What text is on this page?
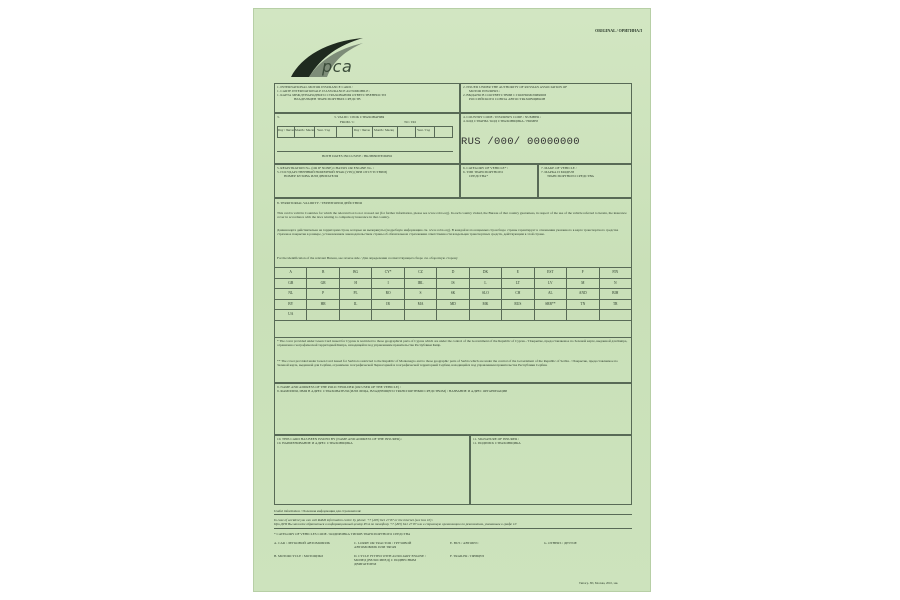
ORIGINAL / ОРИГИНАЛ
рса
1. INTERNATIONAL MOTOR INSURANCE CARD /
1. CARTE INTERNATIONALE D'ASSURANCE AUTOMOBILE /
1. КАРТА МЕЖДУНАРОДНОГО СТРАХОВАНИЯ ОТВЕТСТВЕННОСТИ
ВЛАДЕЛЬЦЕВ ТРАНСПОРТНЫХ СРЕДСТВ
2. ISSUED UNDER THE AUTHORITY OF RUSSIAN ASSOCIATION OF
MOTOR INSURERS /
2. ВЫДАНО В СООТВЕТСТВИИ С ПОЛНОМОЧИЯМИ
РОССИЙСКОГО СОЮЗА АВТОСТРАХОВЩИКОВ
3.	3. VALID / СРОК СТРАХОВАНИЯ
FROM / С	TO / ПО
Day / Число Month / Месяц Year / Год	Day / Число Month / Месяц	Year / Год
BOTH DATES INCLUSIVE / ВКЛЮЧИТЕЛЬНО
4. COUNTRY CODE / INSURER'S CODE / NUMBER /
4. КОД СТРАНЫ / КОД СТРАХОВЩИКА / НОМЕР
RUS /000/ 00000000
5. REGISTRATION No. (OR IF NONE) CHASSIS OR ENGINE No. /
5. ГОСУДАРСТВЕННЫЙ НОМЕРНОЙ ЗНАК (VIN) (ПРИ ОТСУТСТВИИ)
НОМЕР КУЗОВА ИЛИ ДВИГАТЕЛЯ
6. CATEGORY OF VEHICLE* /
6. ТИП ТРАНСПОРТНОГО
СРЕДСТВА*
7. MAKE OF VEHICLE /
7. МАРКА И МОДЕЛЬ
ТРАНСПОРТНОГО СРЕДСТВА
8. TERRITORIAL VALIDITY / ТЕРРИТОРИЯ ДЕЙСТВИЯ
This card is valid in Countries for which the relevant box is not crossed out (for further information, please see www.cobx.org). In each country visited, the Bureau of that country guarantees, in respect of the use of the vehicle referred to herein, the insurance cover in accordance with the laws relating to compulsory insurance in that country.
Данная карта действительна на территории стран, которые не вычеркнуты (подробную информацию см. www.cobx.org). В каждой из посещаемых стран бюро страны гарантирует в отношении указанного в карте транспортного средства страховое покрытие в размере, установленном законодательством страны об обязательном страховании ответственности владельцев транспортных средств, действующим в этой стране.
For the identification of the relevant Bureau, see reverse side / Для определения соответствующего бюро см. оборотную сторону
A	B	BG	CY*	CZ	D	DK	E	EST	F	FIN
GB	GR	H	I	IRL	IS	L	LT	LV	M	N
NL	P	PL	RO	S	SK	SLO	CH	AL	AND	BIH
BY	HR	IL	IR	MA	MD	MK	RUS	SRB**	TN	TR
UA										
* The cover provided under Green Card issued for Cyprus is restricted to those geographical parts of Cyprus which are under the control of the Government of the Republic of Cyprus. / Покрытие, предоставляемое по Зеленой карте, выданной для Кипра, ограничено географической территорией Кипра, находящейся под управлением правительства Республики Кипр.
** The cover provided under Green Card issued for Serbia is restricted to the Republic of Montenegro and to those geographic parts of Serbia which are under the control of the Government of the Republic of Serbia. / Покрытие, предоставляемое по Зеленой карте, выданной для Сербии, ограничено географической Черногорией и географической территорией Сербии, находящейся под управлением правительства Республики Сербия.
9. NAME AND ADDRESS OF THE POLICYHOLDER (OR USER OF THE VEHICLE) /
9. ФАМИЛИЯ, ИМЯ В АДРЕС СТРАХОВАТЕЛЯ (ИЛИ ЛИЦА, ВЛАДЕЮЩЕГО ТРАНСПОРТНЫМ СРЕДСТВОМ) / НАЗВАНИЕ И АДРЕС ОРГАНИЗАЦИИ
10. THIS CARD HAS BEEN ISSUED BY (NAME AND ADDRESS OF THE INSURER) /
10. НАИМЕНОВАНИЕ И АДРЕС СТРАХОВЩИКА
11. SIGNATURE OF INSURER /
11. ПОДПИСЬ СТРАХОВЩИКА
Useful information / Полезная информация для страхователя:
In case of accident you can call RAMI information centre by phone: +7 (495) 641 27 87 or the internet (see box 10) /
При ДТП Вы можете обратиться в информационный центр РСА по телефону +7 (495) 641 27 87 или в страховую организацию по реквизитам, указанным в графе 10
* CATEGORY OF VEHICLES CODE / КОДИРОВКА ТИПОВ ТРАНСПОРТНОГО СРЕДСТВА
A. CAR / ЛЕГКОВОЙ АВТОМОБИЛЬ
B. MOTORCYCLE / МОТОЦИКЛ
C. LORRY OR TRACTOR / ГРУЗОВОЙ АВТОМОБИЛЬ ИЛИ ТЯГАЧ
D. CYCLE FITTED WITH AUXILIARY ENGINE / МОПЕД (ВЕЛОСИПЕД) С ПОДВЕСНЫМ ДВИГАТЕЛЕМ
E. BUS / АВТОБУС
F. TRAILER / ПРИЦЕП
G. OTHERS / ДРУГОЕ
Типогр. ЗП, Москва, 2010, зак.
